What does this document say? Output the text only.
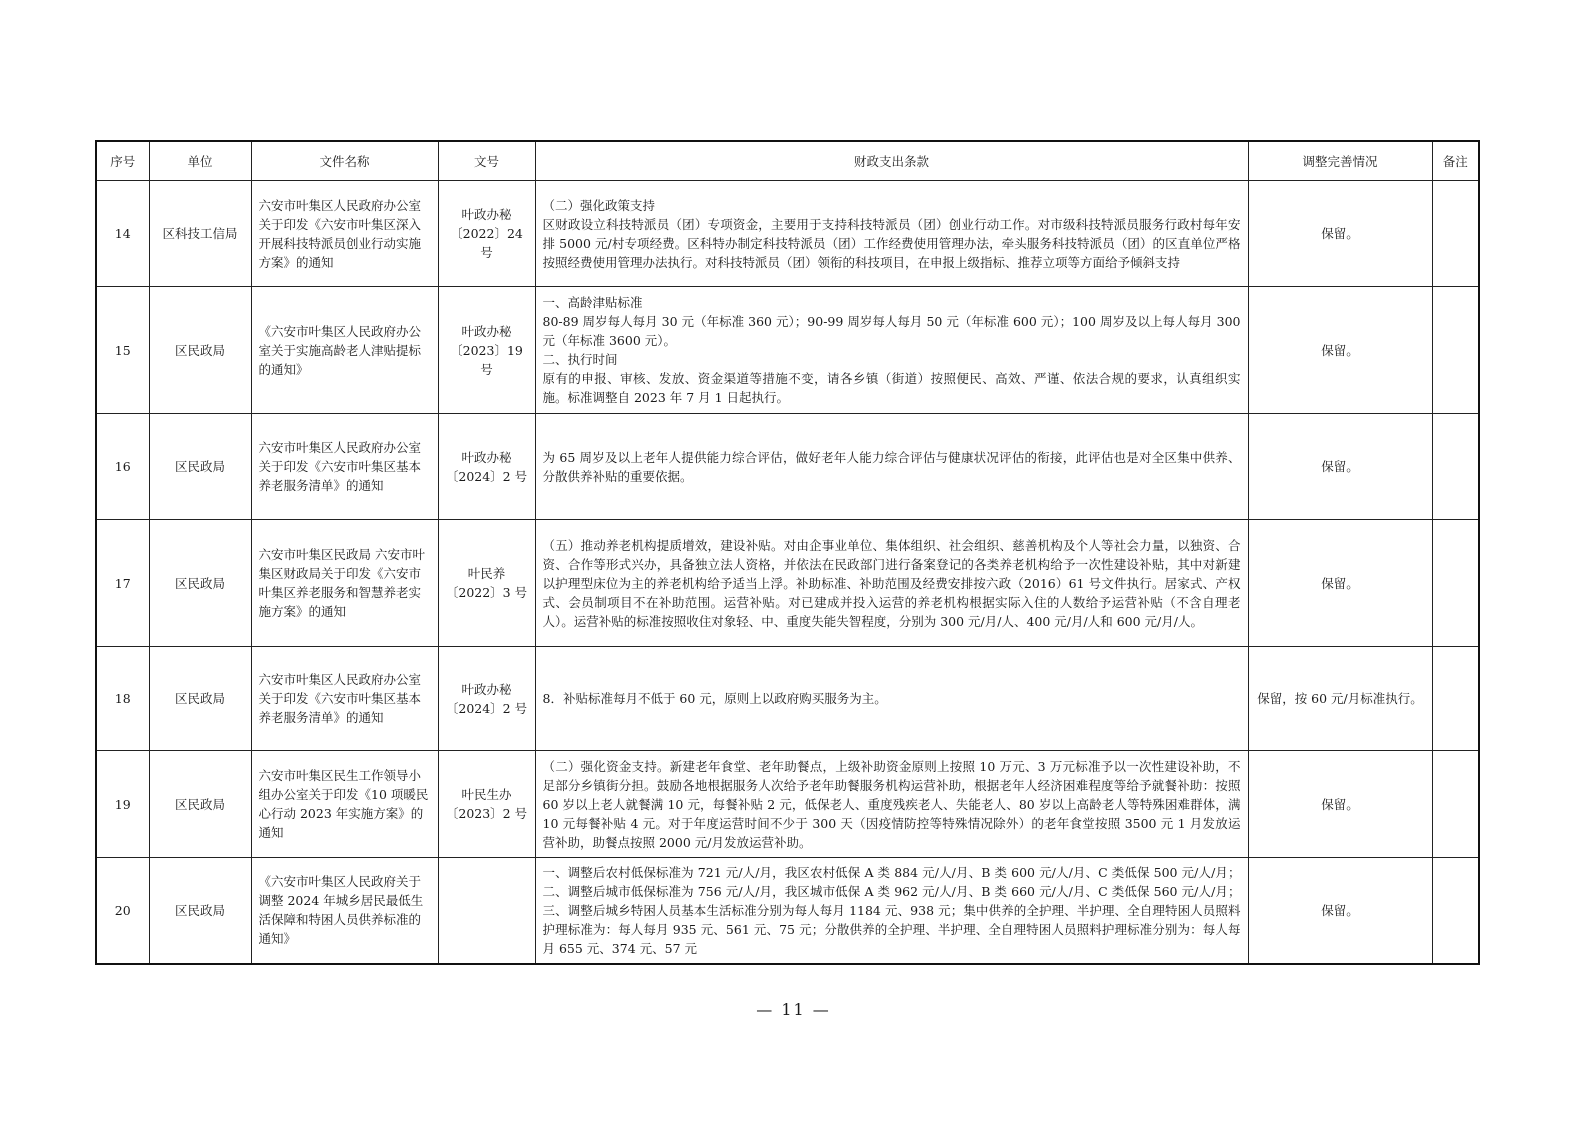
序号	单位	文件名称	文号	财政支出条款	调整完善情况	备注
14	区科技工信局	六安市叶集区人民政府办公室关于印发《六安市叶集区深入开展科技特派员创业行动实施方案》的通知	叶政办秘〔2022〕24 号	（二）强化政策支持
区财政设立科技特派员（团）专项资金，主要用于支持科技特派员（团）创业行动工作。对市级科技特派员服务行政村每年安排 5000 元/村专项经费。区科特办制定科技特派员（团）工作经费使用管理办法，牵头服务科技特派员（团）的区直单位严格按照经费使用管理办法执行。对科技特派员（团）领衔的科技项目，在申报上级指标、推荐立项等方面给予倾斜支持	保留。	
15	区民政局	《六安市叶集区人民政府办公室关于实施高龄老人津贴提标的通知》	叶政办秘〔2023〕19 号	一、高龄津贴标准
80-89 周岁每人每月 30 元（年标准 360 元）；90-99 周岁每人每月 50 元（年标准 600 元）；100 周岁及以上每人每月 300 元（年标准 3600 元）。
二、执行时间
原有的申报、审核、发放、资金渠道等措施不变，请各乡镇（街道）按照便民、高效、严谨、依法合规的要求，认真组织实施。标准调整自 2023 年 7 月 1 日起执行。	保留。	
16	区民政局	六安市叶集区人民政府办公室关于印发《六安市叶集区基本养老服务清单》的通知	叶政办秘〔2024〕2 号	为 65 周岁及以上老年人提供能力综合评估，做好老年人能力综合评估与健康状况评估的衔接，此评估也是对全区集中供养、分散供养补贴的重要依据。	保留。	
17	区民政局	六安市叶集区民政局 六安市叶集区财政局关于印发《六安市叶集区养老服务和智慧养老实施方案》的通知	叶民养〔2022〕3 号	（五）推动养老机构提质增效，建设补贴。对由企事业单位、集体组织、社会组织、慈善机构及个人等社会力量，以独资、合资、合作等形式兴办，具备独立法人资格，并依法在民政部门进行备案登记的各类养老机构给予一次性建设补贴，其中对新建以护理型床位为主的养老机构给予适当上浮。补助标准、补助范围及经费安排按六政（2016）61 号文件执行。居家式、产权式、会员制项目不在补助范围。运营补贴。对已建成并投入运营的养老机构根据实际入住的人数给予运营补贴（不含自理老人）。运营补贴的标准按照收住对象轻、中、重度失能失智程度，分别为 300 元/月/人、400 元/月/人和 600 元/月/人。	保留。	
18	区民政局	六安市叶集区人民政府办公室关于印发《六安市叶集区基本养老服务清单》的通知	叶政办秘〔2024〕2 号	8．补贴标准每月不低于 60 元，原则上以政府购买服务为主。	保留，按 60 元/月标准执行。	
19	区民政局	六安市叶集区民生工作领导小组办公室关于印发《10 项暖民心行动 2023 年实施方案》的通知	叶民生办〔2023〕2 号	（二）强化资金支持。新建老年食堂、老年助餐点，上级补助资金原则上按照 10 万元、3 万元标准予以一次性建设补助，不足部分乡镇街分担。鼓励各地根据服务人次给予老年助餐服务机构运营补助，根据老年人经济困难程度等给予就餐补助：按照 60 岁以上老人就餐满 10 元，每餐补贴 2 元，低保老人、重度残疾老人、失能老人、80 岁以上高龄老人等特殊困难群体，满 10 元每餐补贴 4 元。对于年度运营时间不少于 300 天（因疫情防控等特殊情况除外）的老年食堂按照 3500 元 1 月发放运营补助，助餐点按照 2000 元/月发放运营补助。	保留。	
20	区民政局	《六安市叶集区人民政府关于调整 2024 年城乡居民最低生活保障和特困人员供养标准的通知》		一、调整后农村低保标准为 721 元/人/月，我区农村低保 A 类 884 元/人/月、B 类 600 元/人/月、C 类低保 500 元/人/月；二、调整后城市低保标准为 756 元/人/月，我区城市低保 A 类 962 元/人/月、B 类 660 元/人/月、C 类低保 560 元/人/月；三、调整后城乡特困人员基本生活标准分别为每人每月 1184 元、938 元；集中供养的全护理、半护理、全自理特困人员照料护理标准为：每人每月 935 元、561 元、75 元；分散供养的全护理、半护理、全自理特困人员照料护理标准分别为：每人每月 655 元、374 元、57 元	保留。	
— 11 —
